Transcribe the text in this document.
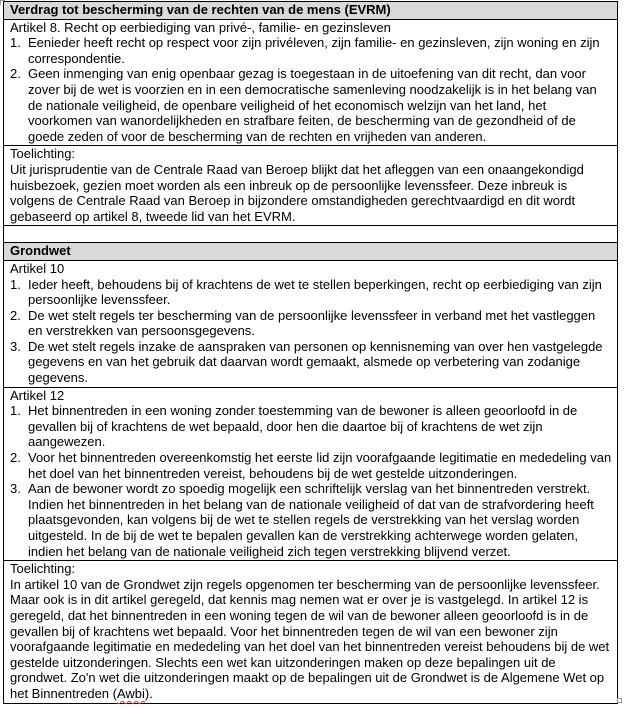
Verdrag tot bescherming van de rechten van de mens (EVRM)

Artikel 8. Recht op eerbiediging van privé-, familie- en gezinsleven
1. Eenieder heeft recht op respect voor zijn privéleven, zijn familie- en gezinsleven, zijn woning en zijn correspondentie.
2. Geen inmenging van enig openbaar gezag is toegestaan in de uitoefening van dit recht, dan voor zover bij de wet is voorzien en in een democratische samenleving noodzakelijk is in het belang van de nationale veiligheid, de openbare veiligheid of het economisch welzijn van het land, het voorkomen van wanordelijkheden en strafbare feiten, de bescherming van de gezondheid of de goede zeden of voor de bescherming van de rechten en vrijheden van anderen.

Toelichting:
Uit jurisprudentie van de Centrale Raad van Beroep blijkt dat het afleggen van een onaangekondigd huisbezoek, gezien moet worden als een inbreuk op de persoonlijke levenssfeer. Deze inbreuk is volgens de Centrale Raad van Beroep in bijzondere omstandigheden gerechtvaardigd en dit wordt gebaseerd op artikel 8, tweede lid van het EVRM.

Grondwet

Artikel 10
1. Ieder heeft, behoudens bij of krachtens de wet te stellen beperkingen, recht op eerbiediging van zijn persoonlijke levenssfeer.
2. De wet stelt regels ter bescherming van de persoonlijke levenssfeer in verband met het vastleggen en verstrekken van persoonsgegevens.
3. De wet stelt regels inzake de aanspraken van personen op kennisneming van over hen vastgelegde gegevens en van het gebruik dat daarvan wordt gemaakt, alsmede op verbetering van zodanige gegevens.

Artikel 12
1. Het binnentreden in een woning zonder toestemming van de bewoner is alleen geoorloofd in de gevallen bij of krachtens de wet bepaald, door hen die daartoe bij of krachtens de wet zijn aangewezen.
2. Voor het binnentreden overeenkomstig het eerste lid zijn voorafgaande legitimatie en mededeling van het doel van het binnentreden vereist, behoudens bij de wet gestelde uitzonderingen.
3. Aan de bewoner wordt zo spoedig mogelijk een schriftelijk verslag van het binnentreden verstrekt. Indien het binnentreden in het belang van de nationale veiligheid of dat van de strafvordering heeft plaatsgevonden, kan volgens bij de wet te stellen regels de verstrekking van het verslag worden uitgesteld. In de bij de wet te bepalen gevallen kan de verstrekking achterwege worden gelaten, indien het belang van de nationale veiligheid zich tegen verstrekking blijvend verzet.

Toelichting:
In artikel 10 van de Grondwet zijn regels opgenomen ter bescherming van de persoonlijke levenssfeer. Maar ook is in dit artikel geregeld, dat kennis mag nemen wat er over je is vastgelegd. In artikel 12 is geregeld, dat het binnentreden in een woning tegen de wil van de bewoner alleen geoorloofd is in de gevallen bij of krachtens wet bepaald. Voor het binnentreden tegen de wil van een bewoner zijn voorafgaande legitimatie en mededeling van het doel van het binnentreden vereist behoudens bij de wet gestelde uitzonderingen. Slechts een wet kan uitzonderingen maken op deze bepalingen uit de grondwet. Zo'n wet die uitzonderingen maakt op de bepalingen uit de Grondwet is de Algemene Wet op het Binnentreden (Awbi).
